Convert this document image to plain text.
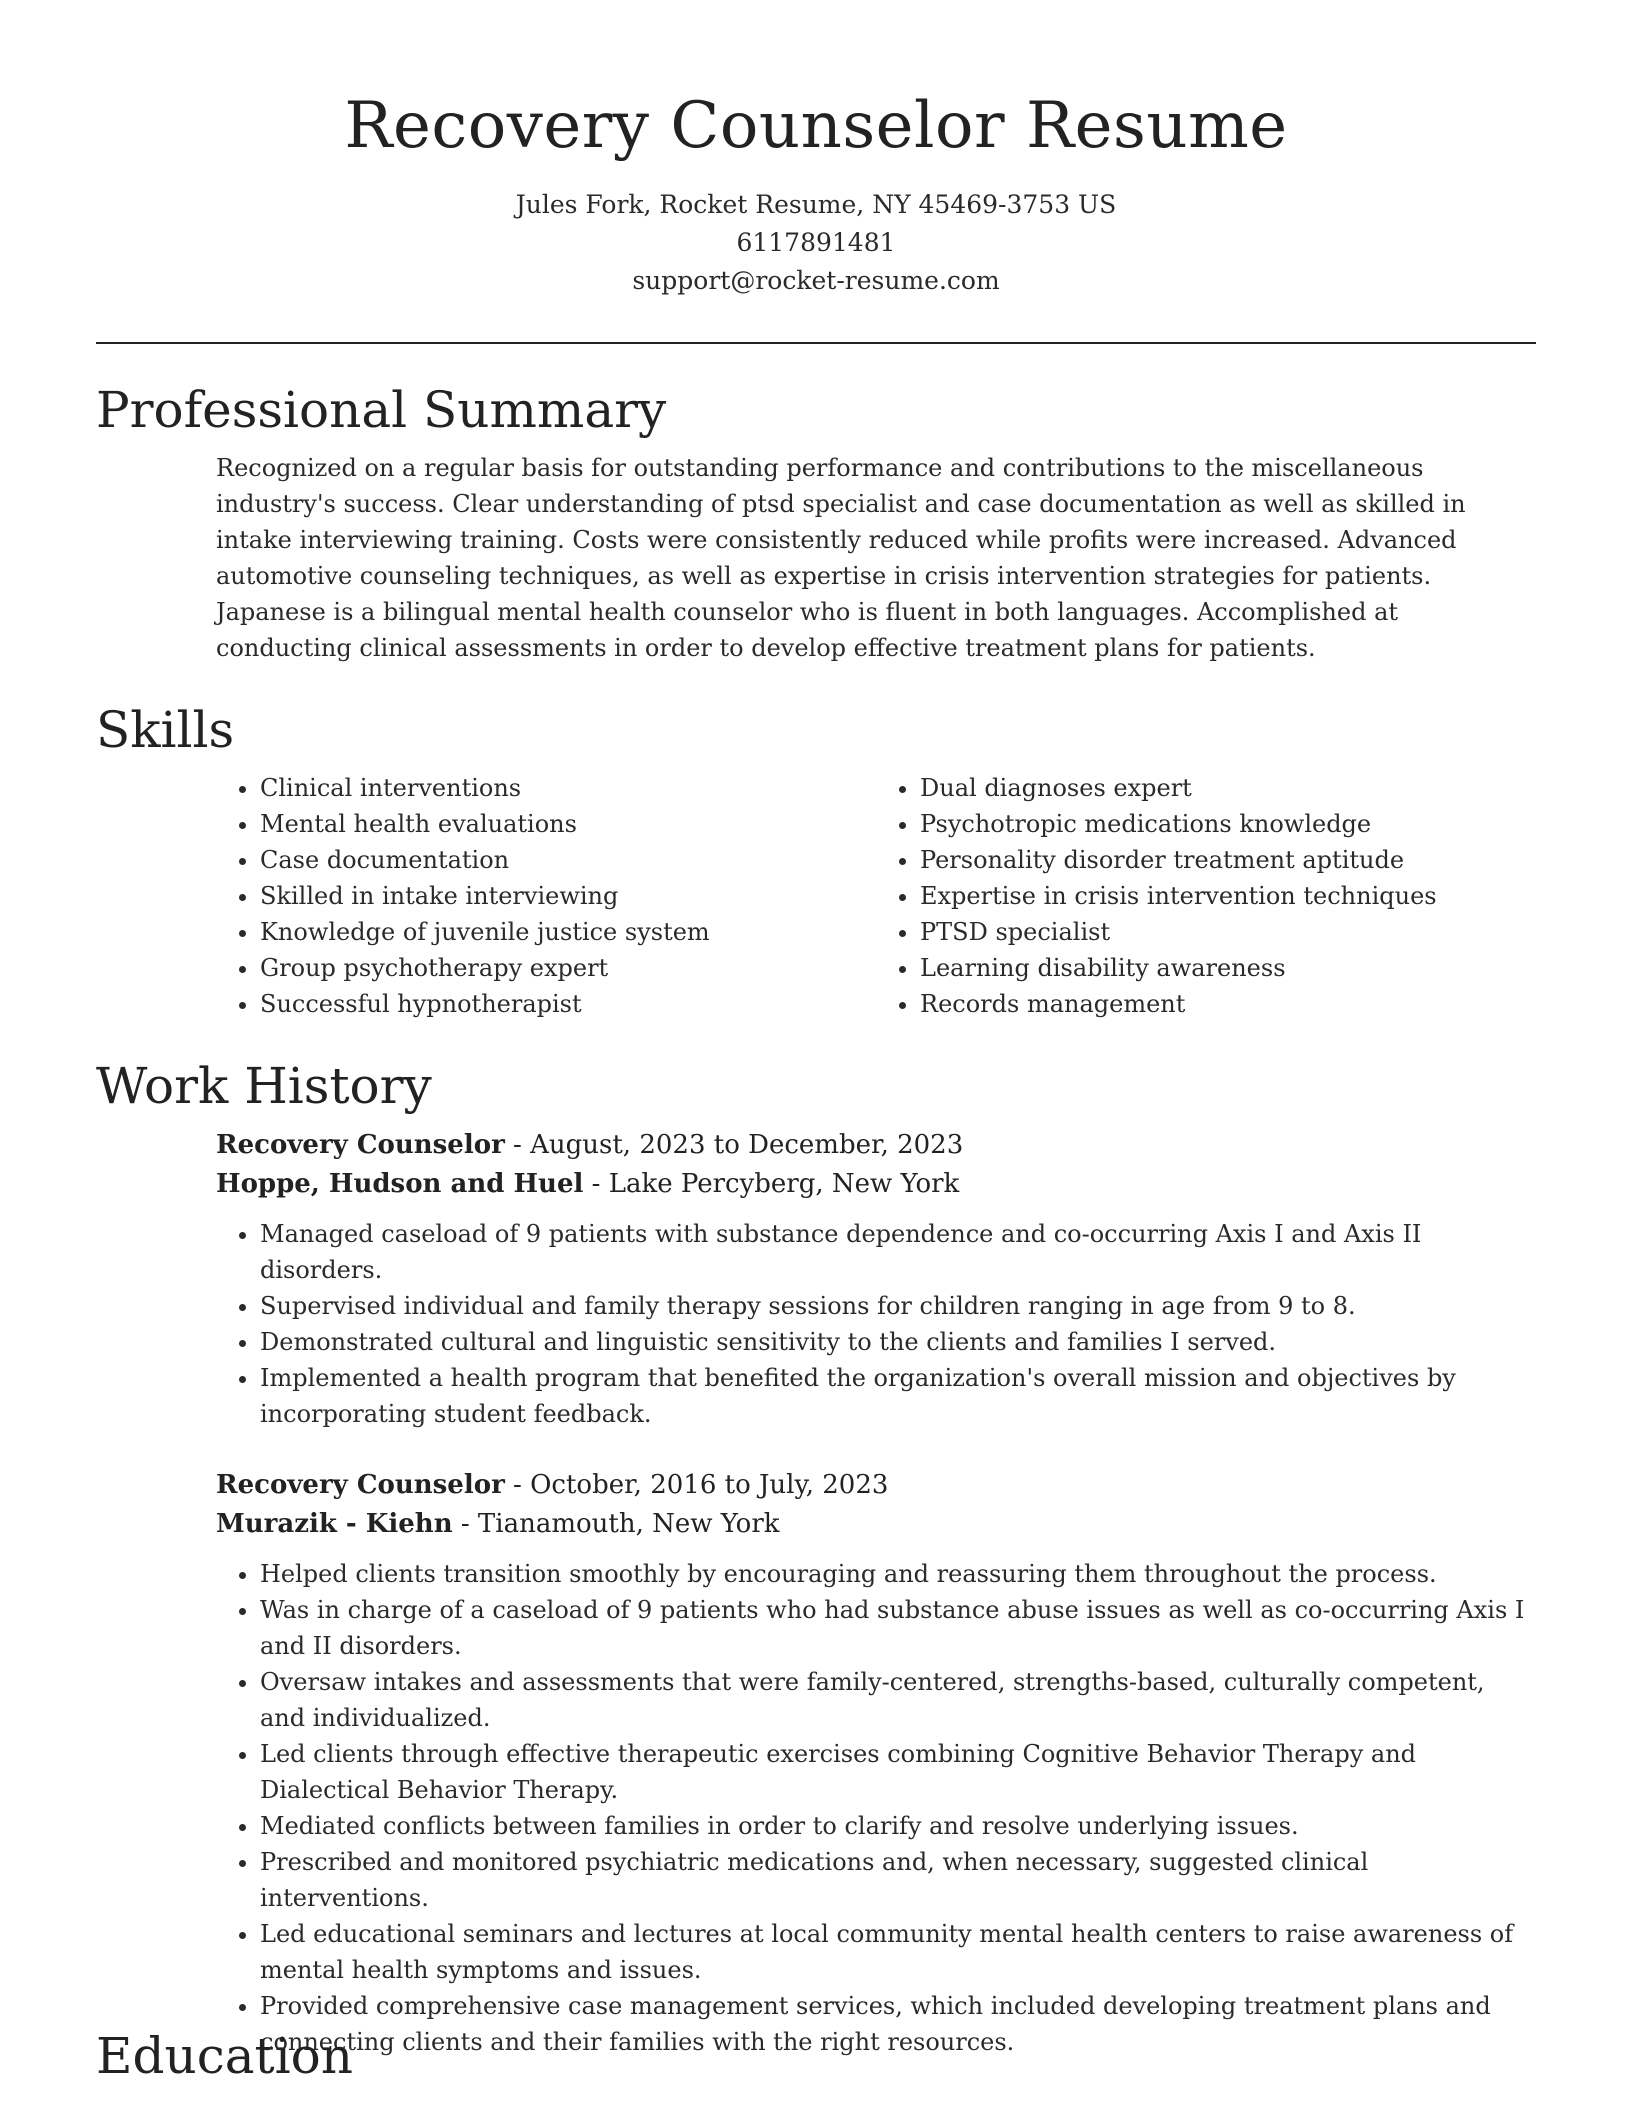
Recovery Counselor Resume

Jules Fork, Rocket Resume, NY 45469-3753 US

6117891481

support@rocket-resume.com

Professional Summary

Recognized on a regular basis for outstanding performance and contributions to the miscellaneous industry's success. Clear understanding of ptsd specialist and case documentation as well as skilled in intake interviewing training. Costs were consistently reduced while profits were increased. Advanced automotive counseling techniques, as well as expertise in crisis intervention strategies for patients. Japanese is a bilingual mental health counselor who is fluent in both languages. Accomplished at conducting clinical assessments in order to develop effective treatment plans for patients.

Skills
• Clinical interventions
• Mental health evaluations
• Case documentation
• Skilled in intake interviewing
• Knowledge of juvenile justice system
• Group psychotherapy expert
• Successful hypnotherapist
• Dual diagnoses expert
• Psychotropic medications knowledge
• Personality disorder treatment aptitude
• Expertise in crisis intervention techniques
• PTSD specialist
• Learning disability awareness
• Records management
Work History

Recovery Counselor - August, 2023 to December, 2023

Hoppe, Hudson and Huel - Lake Percyberg, New York

• Managed caseload of 9 patients with substance dependence and co-occurring Axis I and Axis II disorders.
• Supervised individual and family therapy sessions for children ranging in age from 9 to 8.
• Demonstrated cultural and linguistic sensitivity to the clients and families I served.
• Implemented a health program that benefited the organization's overall mission and objectives by incorporating student feedback.

Recovery Counselor - October, 2016 to July, 2023

Murazik - Kiehn - Tianamouth, New York

• Helped clients transition smoothly by encouraging and reassuring them throughout the process.
• Was in charge of a caseload of 9 patients who had substance abuse issues as well as co-occurring Axis I and II disorders.
• Oversaw intakes and assessments that were family-centered, strengths-based, culturally competent, and individualized.
• Led clients through effective therapeutic exercises combining Cognitive Behavior Therapy and Dialectical Behavior Therapy.
• Mediated conflicts between families in order to clarify and resolve underlying issues.
• Prescribed and monitored psychiatric medications and, when necessary, suggested clinical interventions.
• Led educational seminars and lectures at local community mental health centers to raise awareness of mental health symptoms and issues.
• Provided comprehensive case management services, which included developing treatment plans and connecting clients and their families with the right resources.
Education
